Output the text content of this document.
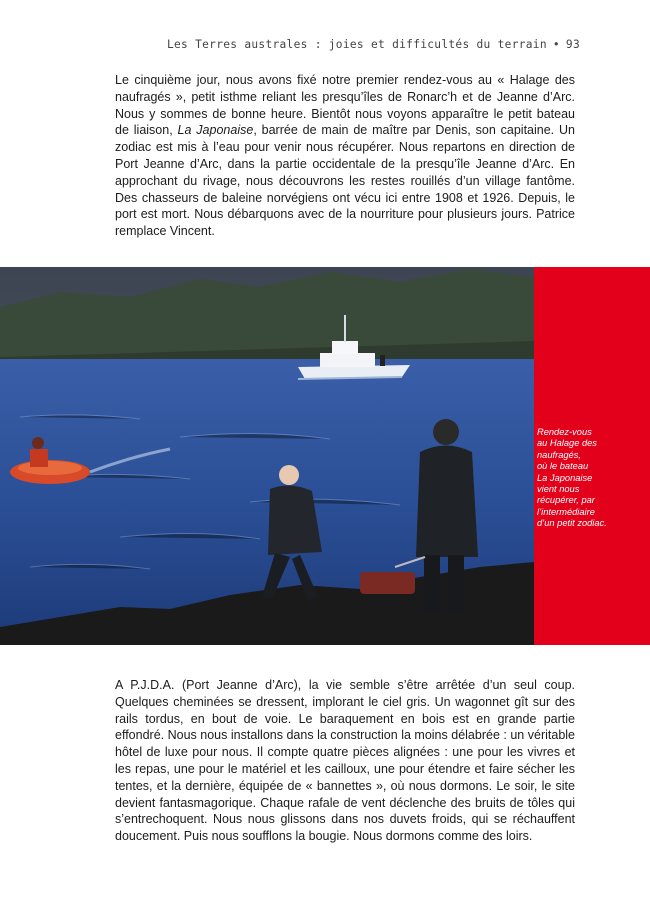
Les Terres australes : joies et difficultés du terrain • 93

Le cinquième jour, nous avons fixé notre premier rendez-vous au « Halage des naufragés », petit isthme reliant les presqu’îles de Ronarc’h et de Jeanne d’Arc. Nous y sommes de bonne heure. Bientôt nous voyons apparaître le petit bateau de liaison, La Japonaise, barrée de main de maître par Denis, son capitaine. Un zodiac est mis à l’eau pour venir nous récupérer. Nous repartons en direction de Port Jeanne d’Arc, dans la partie occidentale de la presqu’île Jeanne d’Arc. En approchant du rivage, nous découvrons les restes rouillés d’un village fantôme. Des chasseurs de baleine norvégiens ont vécu ici entre 1908 et 1926. Depuis, le port est mort. Nous débarquons avec de la nourriture pour plusieurs jours. Patrice remplace Vincent.

Rendez-vous
au Halage des
naufragés,
où le bateau
La Japonaise
vient nous
récupérer, par
l’intermédiaire
d’un petit zodiac.

A P.J.D.A. (Port Jeanne d’Arc), la vie semble s’être arrêtée d’un seul coup. Quelques cheminées se dressent, implorant le ciel gris. Un wagonnet gît sur des rails tordus, en bout de voie. Le baraquement en bois est en grande partie effondré. Nous nous installons dans la construction la moins délabrée : un véritable hôtel de luxe pour nous. Il compte quatre pièces alignées : une pour les vivres et les repas, une pour le matériel et les cailloux, une pour étendre et faire sécher les tentes, et la dernière, équipée de « bannettes », où nous dormons. Le soir, le site devient fantasmagorique. Chaque rafale de vent déclenche des bruits de tôles qui s’entrechoquent. Nous nous glissons dans nos duvets froids, qui se réchauffent doucement. Puis nous soufflons la bougie. Nous dormons comme des loirs.
